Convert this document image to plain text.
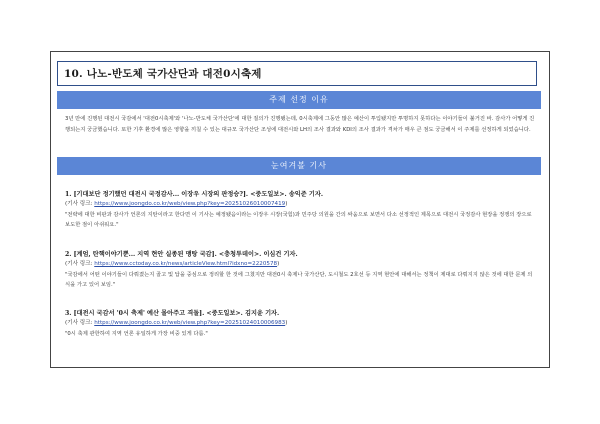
10. 나노-반도체 국가산단과 대전0시축제
주제 선정 이유
3년 만에 진행된 대전시 국감에서 '대전0시축제'와 '나노-반도체 국가산단'에 대한 질의가 진행됐는데, 0시축제에 그동안 많은 예산이 투입됐지만 투명하지 못하다는 이야기들이 불거진 바. 감사가 어떻게 진행되는지 궁금했습니다. 또한 기후 환경에 많은 영향을 끼칠 수 있는 대규모 국가산단 조성에 대전시와 LH의 조사 결과와 KDI의 조사 결과가 격차가 매우 큰 점도 궁금해서 이 주제를 선정하게 되었습니다.
눈여겨볼 기사
1. [기대보단 정기했던 대전시 국정감사... 이장우 시장의 판정승?]. <중도일보>. 송익준 기자.
(기사 링크: https://www.joongdo.co.kr/web/view.php?key=20251026010007419)
"전략에 대한 비판과 감사가 언론의 지탄이라고 한다면 이 기사는 예정됐음이라는 이장우 시장(국힘)과 민주당 의원을 간의 싸움으로 보면서 다소 선정적인 제목으로 대전시 국정감사 현장을 정쟁의 장으로 보도한 점이 아쉬워요."
2. [계엄, 탄핵이야기뿐... 지역 현안 실종된 맹탕 국감]. <충청투데이>. 이심건 기자.
(기사 링크: https://www.cctoday.co.kr/news/articleView.html?idxno=2220578)
"국감에서 어떤 이야기들이 다뤄졌는지 골고 및 답을 중심으로 정리할 한 것에 그쳤지만 대전0시 축제나 국가산단, 도시철도 2호선 등 지역 현안에 대해서는 정책이 제대로 다뤄지지 않은 것에 대한 문제 의식을 가고 있어 보임."
3. [대전시 국감서 '0시 축제' 예산 몰아주고 격돌]. <중도일보>. 김지윤 기자.
(기사 링크: https://www.joongdo.co.kr/web/view.php?key=20251024010006983)
"0시 축제 관한하여 지역 언론 유일하게 가장 비중 있게 다룸."
